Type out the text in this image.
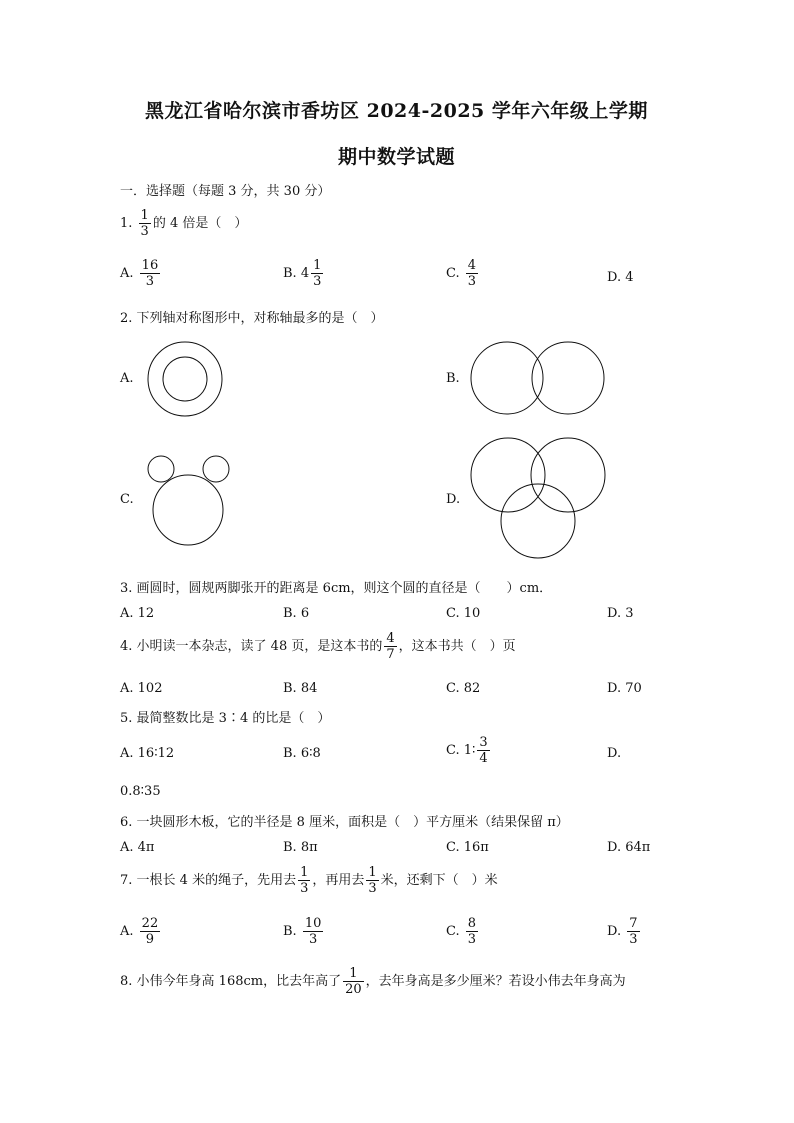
黑龙江省哈尔滨市香坊区 2024-2025 学年六年级上学期
期中数学试题
一．选择题（每题 3 分，共 30 分）
1. $\frac{1}{3}$ 的 4 倍是（　）
A. $\frac{16}{3}$	B. $4 \frac{1}{3}$	C. $\frac{4}{3}$	D. 4
2. 下列轴对称图形中，对称轴最多的是（　）
A.	B.
C.	D.
3. 画圆时，圆规两脚张开的距离是 6cm，则这个圆的直径是（　　）cm．
A. 12	B. 6	C. 10	D. 3
4. 小明读一本杂志，读了 48 页，是这本书的 $\frac{4}{7}$ ，这本书共（　）页
A. 102	B. 84	C. 82	D. 70
5. 最简整数比是 3∶4 的比是（　）
A. 16∶12	B. 6∶8	C. 1∶ $\frac{3}{4}$	D.
0.8∶35
6. 一块圆形木板，它的半径是 8 厘米，面积是（　）平方厘米（结果保留 π）
A. 4π	B. 8π	C. 16π	D. 64π
7. 一根长 4 米的绳子，先用去 $\frac{1}{3}$ ，再用去 $\frac{1}{3}$ 米，还剩下（　）米
A. $\frac{22}{9}$	B. $\frac{10}{3}$	C. $\frac{8}{3}$	D. $\frac{7}{3}$
8. 小伟今年身高 168cm，比去年高了 $\frac{1}{20}$ ，去年身高是多少厘米？若设小伟去年身高为
